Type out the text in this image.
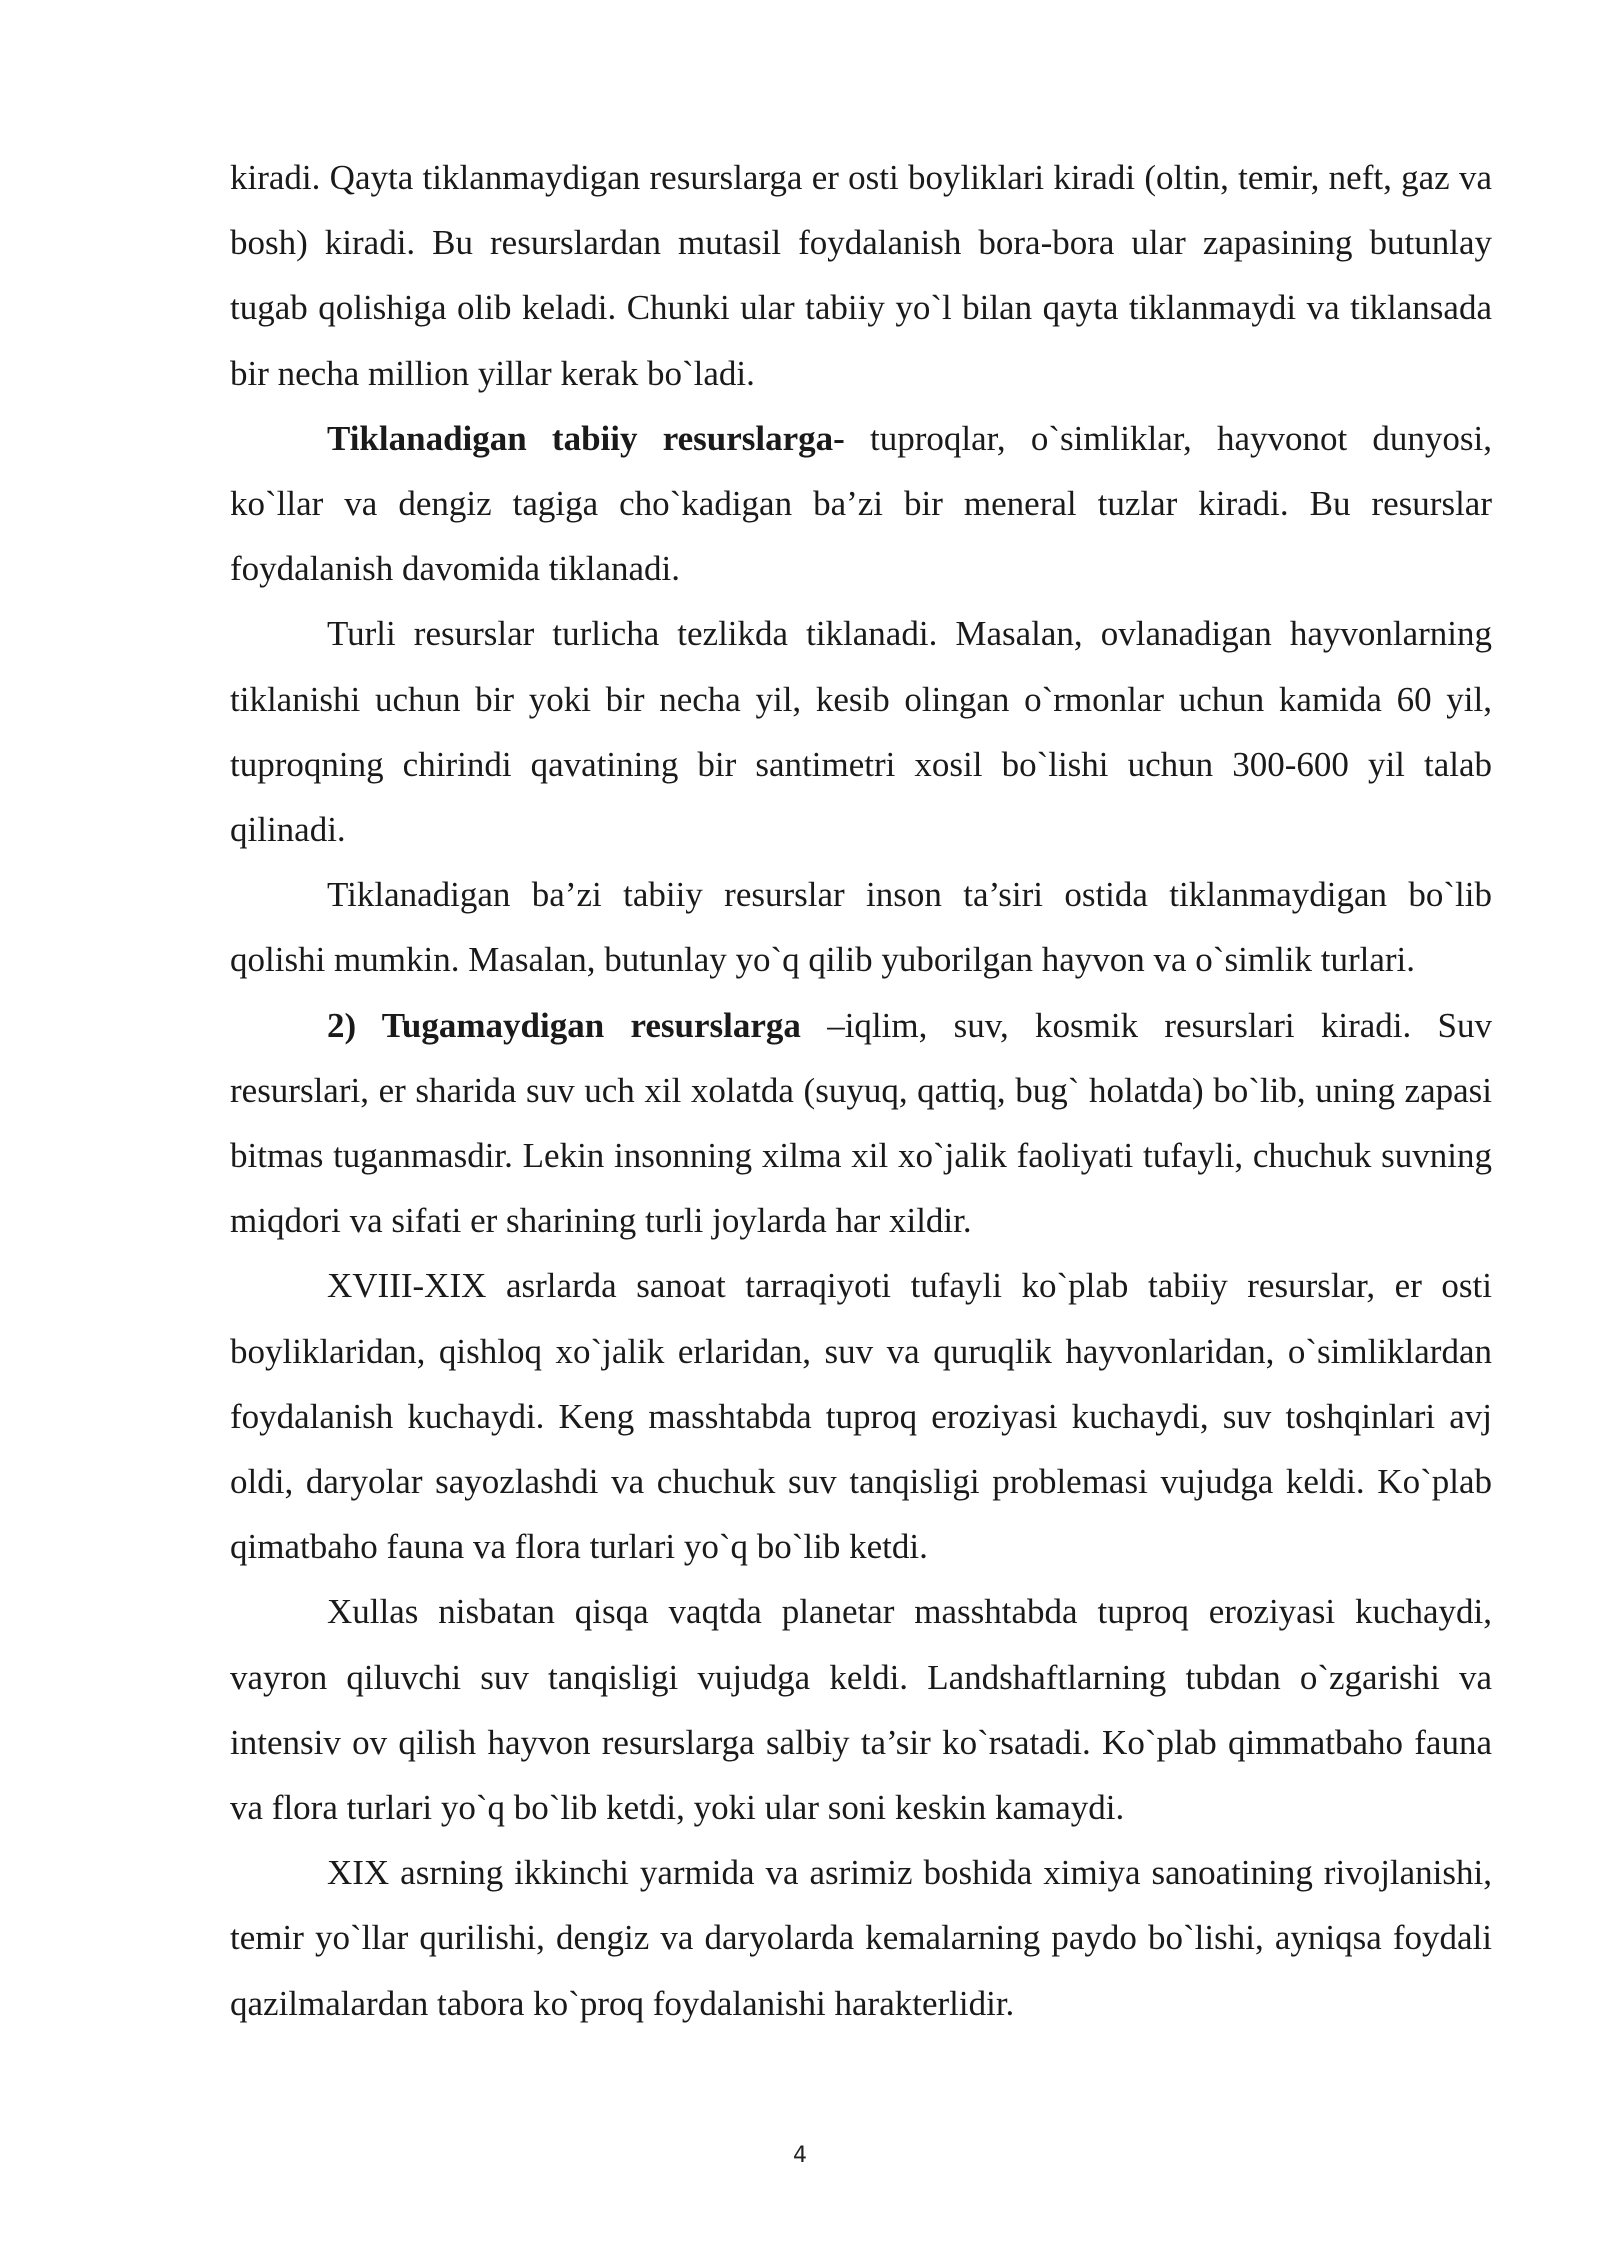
kiradi. Qayta tiklanmaydigan resurslarga er osti boyliklari kiradi (oltin, temir, neft, gaz va bosh) kiradi. Bu resurslardan mutasil foydalanish bora-bora ular zapasining butunlay tugab qolishiga olib keladi. Chunki ular tabiiy yo`l bilan qayta tiklanmaydi va tiklansada bir necha million yillar kerak bo`ladi.

Tiklanadigan tabiiy resurslarga- tuproqlar, o`simliklar, hayvonot dunyosi, ko`llar va dengiz tagiga cho`kadigan ba’zi bir meneral tuzlar kiradi. Bu resurslar foydalanish davomida tiklanadi.

Turli resurslar turlicha tezlikda tiklanadi. Masalan, ovlanadigan hayvonlarning tiklanishi uchun bir yoki bir necha yil, kesib olingan o`rmonlar uchun kamida 60 yil, tuproqning chirindi qavatining bir santimetri xosil bo`lishi uchun 300-600 yil talab qilinadi.

Tiklanadigan ba’zi tabiiy resurslar inson ta’siri ostida tiklanmaydigan bo`lib qolishi mumkin. Masalan, butunlay yo`q qilib yuborilgan hayvon va o`simlik turlari.

2) Tugamaydigan resurslarga –iqlim, suv, kosmik resurslari kiradi. Suv resurslari, er sharida suv uch xil xolatda (suyuq, qattiq, bug` holatda) bo`lib, uning zapasi bitmas tuganmasdir. Lekin insonning xilma xil xo`jalik faoliyati tufayli, chuchuk suvning miqdori va sifati er sharining turli joylarda har xildir.

XVIII-XIX asrlarda sanoat tarraqiyoti tufayli ko`plab tabiiy resurslar, er osti boyliklaridan, qishloq xo`jalik erlaridan, suv va quruqlik hayvonlaridan, o`simliklardan foydalanish kuchaydi. Keng masshtabda tuproq eroziyasi kuchaydi, suv toshqinlari avj oldi, daryolar sayozlashdi va chuchuk suv tanqisligi problemasi vujudga keldi. Ko`plab qimatbaho fauna va flora turlari yo`q bo`lib ketdi.

Xullas nisbatan qisqa vaqtda planetar masshtabda tuproq eroziyasi kuchaydi, vayron qiluvchi suv tanqisligi vujudga keldi. Landshaftlarning tubdan o`zgarishi va intensiv ov qilish hayvon resurslarga salbiy ta’sir ko`rsatadi. Ko`plab qimmatbaho fauna va flora turlari yo`q bo`lib ketdi, yoki ular soni keskin kamaydi.

XIX asrning ikkinchi yarmida va asrimiz boshida ximiya sanoatining rivojlanishi, temir yo`llar qurilishi, dengiz va daryolarda kemalarning paydo bo`lishi, ayniqsa foydali qazilmalardan tabora ko`proq foydalanishi harakterlidir.

4
